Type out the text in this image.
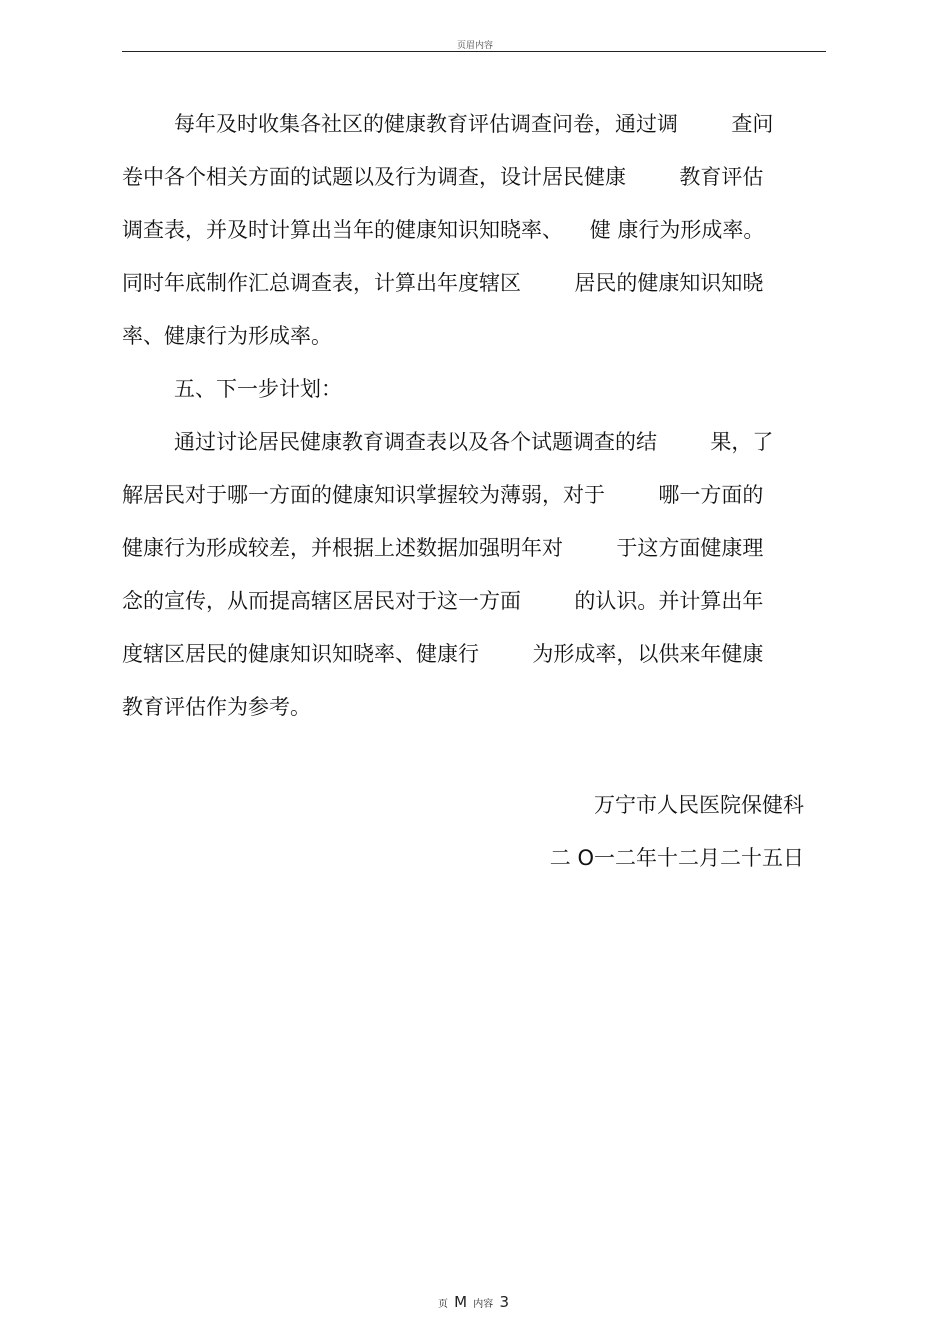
页眉内容
每年及时收集各社区的健康教育评估调查问卷，通过调        查问
卷中各个相关方面的试题以及行为调查，设计居民健康        教育评估
调查表，并及时计算出当年的健康知识知晓率、    健 康行为形成率。
同时年底制作汇总调查表，计算出年度辖区        居民的健康知识知晓
率、健康行为形成率。
五、下一步计划：
通过讨论居民健康教育调查表以及各个试题调查的结        果，了
解居民对于哪一方面的健康知识掌握较为薄弱，对于        哪一方面的
健康行为形成较差，并根据上述数据加强明年对        于这方面健康理
念的宣传，从而提高辖区居民对于这一方面        的认识。并计算出年
度辖区居民的健康知识知晓率、健康行        为形成率，以供来年健康
教育评估作为参考。
万宁市人民医院保健科
二 O一二年十二月二十五日
页 M 内容 3
